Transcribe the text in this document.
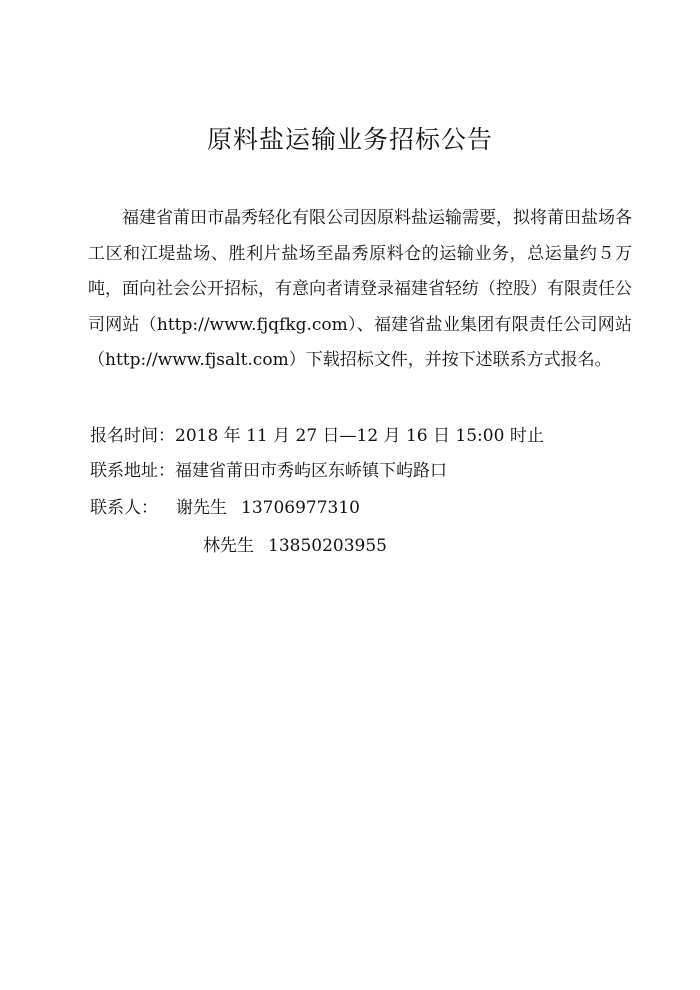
原料盐运输业务招标公告

福建省莆田市晶秀轻化有限公司因原料盐运输需要，拟将莆田盐场各工区和江堤盐场、胜利片盐场至晶秀原料仓的运输业务，总运量约５万吨，面向社会公开招标，有意向者请登录福建省轻纺（控股）有限责任公司网站（http://www.fjqfkg.com）、福建省盐业集团有限责任公司网站（http://www.fjsalt.com）下载招标文件，并按下述联系方式报名。

报名时间：2018 年 11 月 27 日—12 月 16 日 15:00 时止

联系地址：福建省莆田市秀屿区东峤镇下屿路口

联系人： 谢先生 13706977310

林先生 13850203955
